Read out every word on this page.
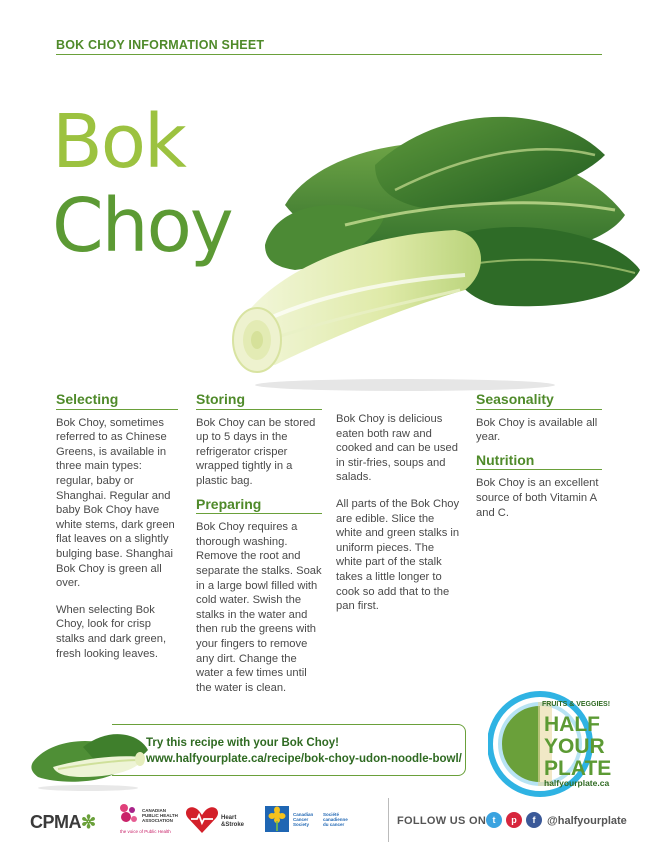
BOK CHOY INFORMATION SHEET
Bok
Choy
Selecting

Bok Choy, sometimes referred to as Chinese Greens, is available in three main types: regular, baby or Shanghai. Regular and baby Bok Choy have white stems, dark green flat leaves on a slightly bulging base. Shanghai Bok Choy is green all over.

When selecting Bok Choy, look for crisp stalks and dark green, fresh looking leaves.

Storing

Bok Choy can be stored up to 5 days in the refrigerator crisper wrapped tightly in a plastic bag.

Preparing

Bok Choy requires a thorough washing. Remove the root and separate the stalks. Soak in a large bowl filled with cold water. Swish the stalks in the water and then rub the greens with your fingers to remove any dirt. Change the water a few times until the water is clean.

Bok Choy is delicious eaten both raw and cooked and can be used in stir-fries, soups and salads.

All parts of the Bok Choy are edible. Slice the white and green stalks in uniform pieces. The white part of the stalk takes a little longer to cook so add that to the pan first.

Seasonality

Bok Choy is available all year.

Nutrition

Bok Choy is an excellent source of both Vitamin A and C.

Try this recipe with your Bok Choy!
www.halfyourplate.ca/recipe/bok-choy-udon-noodle-bowl/
FRUITS & VEGGIES!
HALF
YOUR
PLATE
halfyourplate.ca
CPMA✼
CANADIAN
PUBLIC HEALTH
ASSOCIATION
the voice of Public Health
Heart
&Stroke
Canadian
Cancer
Society
Société
canadienne
du cancer	FOLLOW US ON t	p	f	@halfyourplate
